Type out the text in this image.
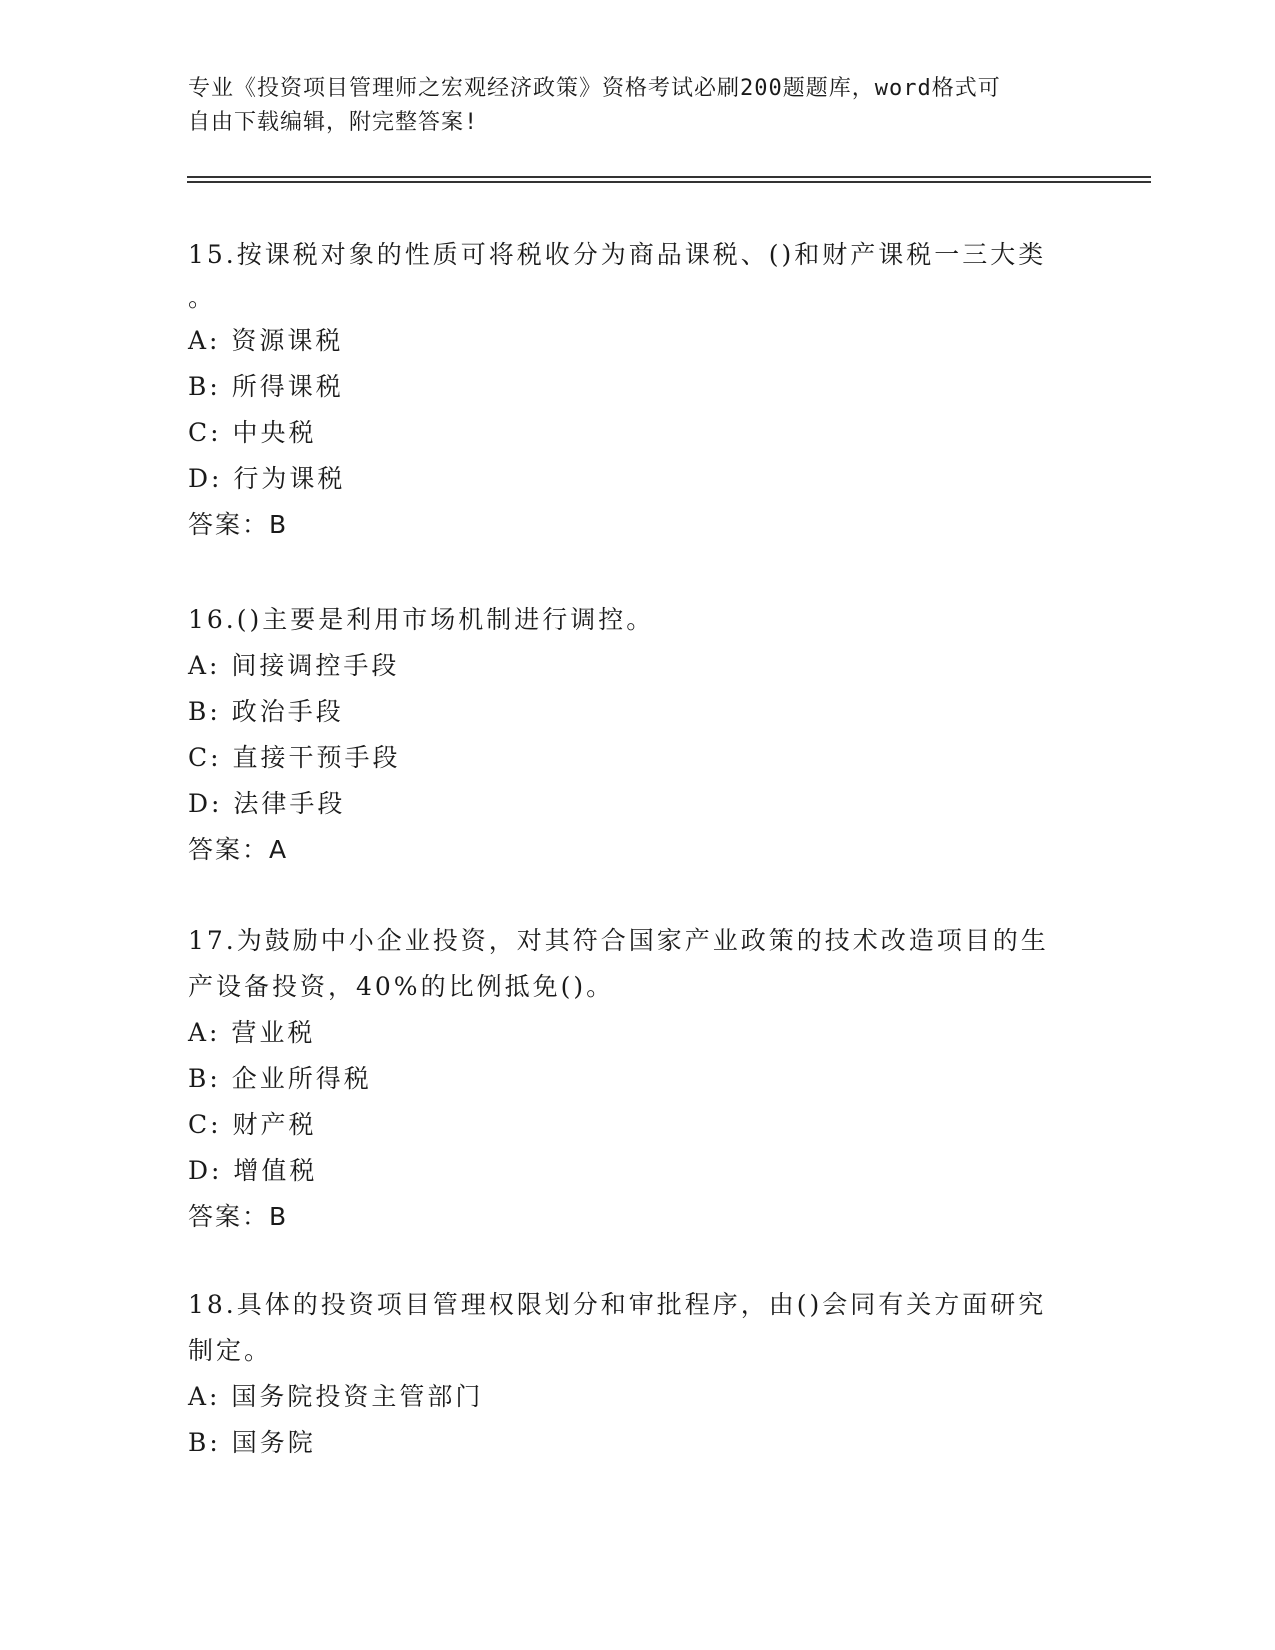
专业《投资项目管理师之宏观经济政策》资格考试必刷200题题库，word格式可
自由下载编辑，附完整答案!
15.按课税对象的性质可将税收分为商品课税、()和财产课税一三大类
。
A: 资源课税
B: 所得课税
C: 中央税
D: 行为课税
答案：B
16.()主要是利用市场机制进行调控。
A: 间接调控手段
B: 政治手段
C: 直接干预手段
D: 法律手段
答案：A
17.为鼓励中小企业投资，对其符合国家产业政策的技术改造项目的生
产设备投资，40%的比例抵免()。
A: 营业税
B: 企业所得税
C: 财产税
D: 增值税
答案：B
18.具体的投资项目管理权限划分和审批程序，由()会同有关方面研究
制定。
A: 国务院投资主管部门
B: 国务院
